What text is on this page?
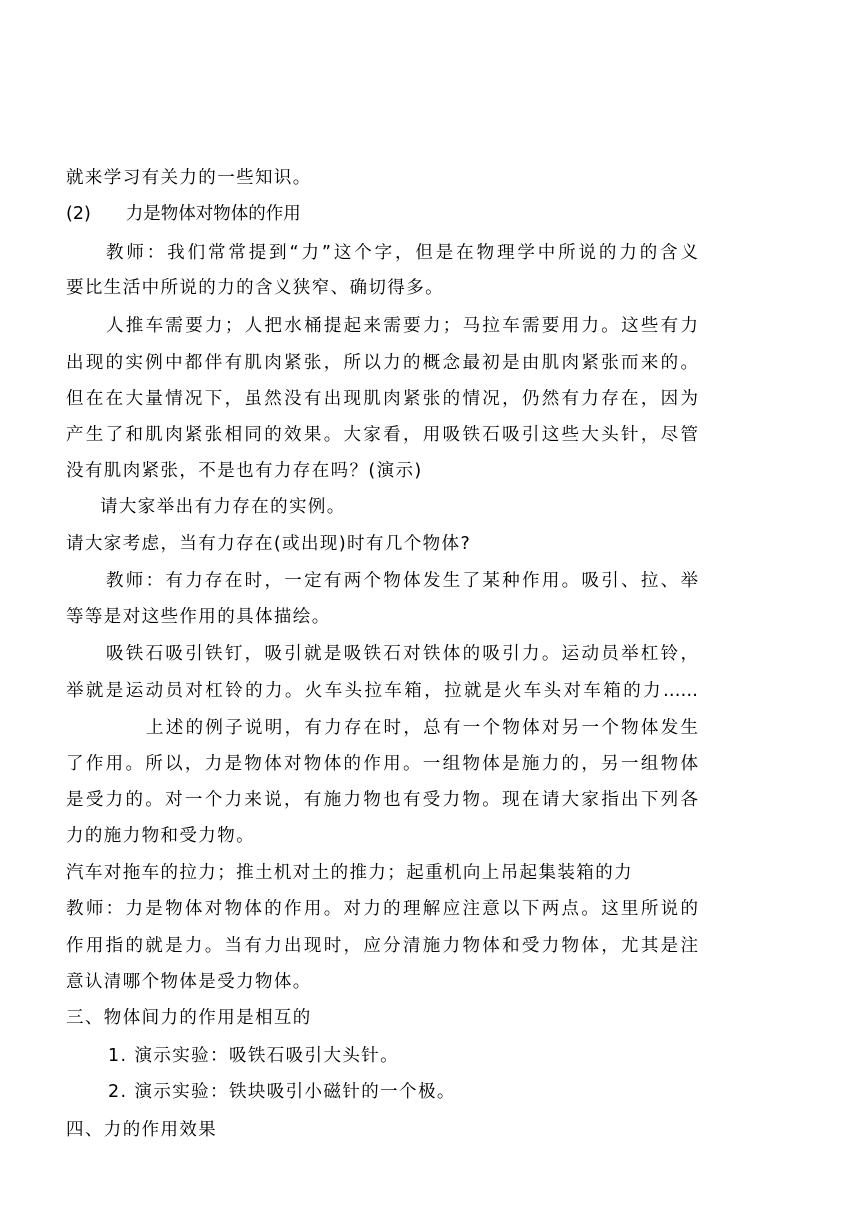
就来学习有关力的一些知识。
(2)　　力是物体对物体的作用
教师：我们常常提到“力”这个字，但是在物理学中所说的力的含义
要比生活中所说的力的含义狭窄、确切得多。
人推车需要力；人把水桶提起来需要力；马拉车需要用力。这些有力
出现的实例中都伴有肌肉紧张，所以力的概念最初是由肌肉紧张而来的。
但在在大量情况下，虽然没有出现肌肉紧张的情况，仍然有力存在，因为
产生了和肌肉紧张相同的效果。大家看，用吸铁石吸引这些大头针，尽管
没有肌肉紧张，不是也有力存在吗？(演示)
请大家举出有力存在的实例。
请大家考虑，当有力存在(或出现)时有几个物体?
教师：有力存在时，一定有两个物体发生了某种作用。吸引、拉、举
等等是对这些作用的具体描绘。
吸铁石吸引铁钉，吸引就是吸铁石对铁体的吸引力。运动员举杠铃，
举就是运动员对杠铃的力。火车头拉车箱，拉就是火车头对车箱的力……
上述的例子说明，有力存在时，总有一个物体对另一个物体发生
了作用。所以，力是物体对物体的作用。一组物体是施力的，另一组物体
是受力的。对一个力来说，有施力物也有受力物。现在请大家指出下列各
力的施力物和受力物。
汽车对拖车的拉力；推土机对土的推力；起重机向上吊起集装箱的力
教师：力是物体对物体的作用。对力的理解应注意以下两点。这里所说的
作用指的就是力。当有力出现时，应分清施力物体和受力物体，尤其是注
意认清哪个物体是受力物体。
三、物体间力的作用是相互的
1. 演示实验：吸铁石吸引大头针。
2. 演示实验：铁块吸引小磁针的一个极。
四、力的作用效果
